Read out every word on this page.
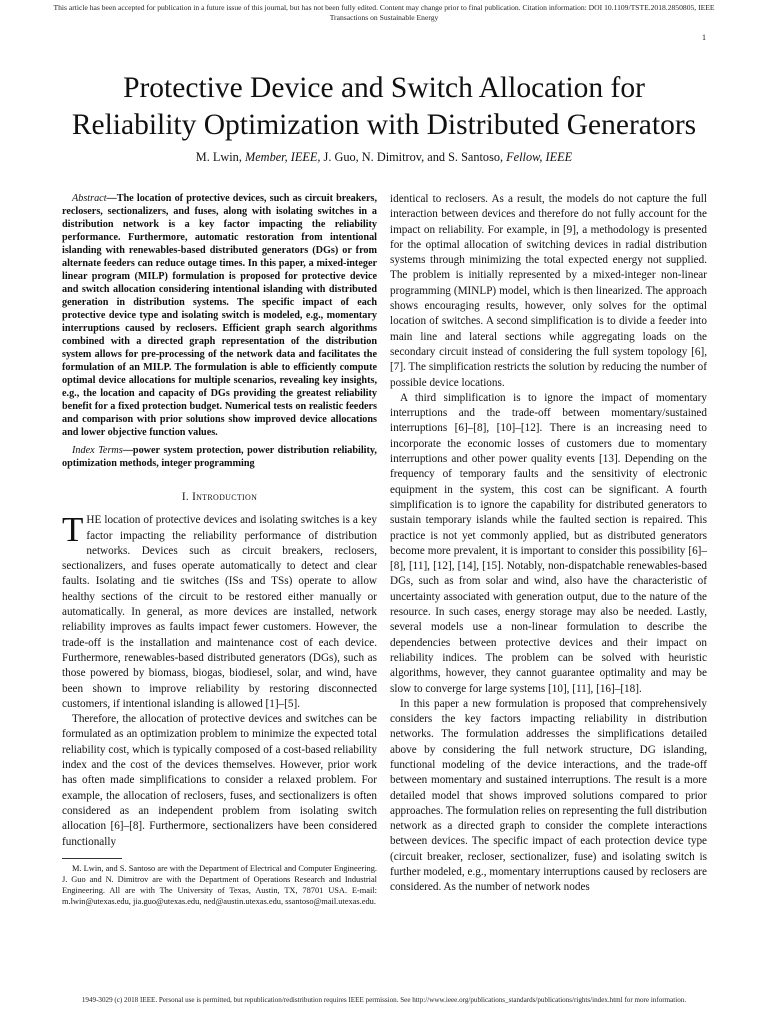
This article has been accepted for publication in a future issue of this journal, but has not been fully edited. Content may change prior to final publication. Citation information: DOI 10.1109/TSTE.2018.2850805, IEEE
Transactions on Sustainable Energy
1
Protective Device and Switch Allocation for
Reliability Optimization with Distributed Generators
M. Lwin, Member, IEEE, J. Guo, N. Dimitrov, and S. Santoso, Fellow, IEEE

Abstract—The location of protective devices, such as circuit breakers, reclosers, sectionalizers, and fuses, along with isolating switches in a distribution network is a key factor impacting the reliability performance. Furthermore, automatic restoration from intentional islanding with renewables-based distributed generators (DGs) or from alternate feeders can reduce outage times. In this paper, a mixed-integer linear program (MILP) formulation is proposed for protective device and switch allocation considering intentional islanding with distributed generation in distribution systems. The specific impact of each protective device type and isolating switch is modeled, e.g., momentary interruptions caused by reclosers. Efficient graph search algorithms combined with a directed graph representation of the distribution system allows for pre-processing of the network data and facilitates the formulation of an MILP. The formulation is able to efficiently compute optimal device allocations for multiple scenarios, revealing key insights, e.g., the location and capacity of DGs providing the greatest reliability benefit for a fixed protection budget. Numerical tests on realistic feeders and comparison with prior solutions show improved device allocations and lower objective function values.

Index Terms—power system protection, power distribution reliability, optimization methods, integer programming

I. Introduction

THE location of protective devices and isolating switches is a key factor impacting the reliability performance of distribution networks. Devices such as circuit breakers, reclosers, sectionalizers, and fuses operate automatically to detect and clear faults. Isolating and tie switches (ISs and TSs) operate to allow healthy sections of the circuit to be restored either manually or automatically. In general, as more devices are installed, network reliability improves as faults impact fewer customers. However, the trade-off is the installation and maintenance cost of each device. Furthermore, renewables-based distributed generators (DGs), such as those powered by biomass, biogas, biodiesel, solar, and wind, have been shown to improve reliability by restoring disconnected customers, if intentional islanding is allowed [1]–[5].

Therefore, the allocation of protective devices and switches can be formulated as an optimization problem to minimize the expected total reliability cost, which is typically composed of a cost-based reliability index and the cost of the devices themselves. However, prior work has often made simplifications to consider a relaxed problem. For example, the allocation of reclosers, fuses, and sectionalizers is often considered as an independent problem from isolating switch allocation [6]–[8]. Furthermore, sectionalizers have been considered functionally

M. Lwin, and S. Santoso are with the Department of Electrical and Computer Engineering. J. Guo and N. Dimitrov are with the Department of Operations Research and Industrial Engineering. All are with The University of Texas, Austin, TX, 78701 USA. E-mail: m.lwin@utexas.edu, jia.guo@utexas.edu, ned@austin.utexas.edu, ssantoso@mail.utexas.edu.

identical to reclosers. As a result, the models do not capture the full interaction between devices and therefore do not fully account for the impact on reliability. For example, in [9], a methodology is presented for the optimal allocation of switching devices in radial distribution systems through minimizing the total expected energy not supplied. The problem is initially represented by a mixed-integer non-linear programming (MINLP) model, which is then linearized. The approach shows encouraging results, however, only solves for the optimal location of switches. A second simplification is to divide a feeder into main line and lateral sections while aggregating loads on the secondary circuit instead of considering the full system topology [6], [7]. The simplification restricts the solution by reducing the number of possible device locations.

A third simplification is to ignore the impact of momentary interruptions and the trade-off between momentary/sustained interruptions [6]–[8], [10]–[12]. There is an increasing need to incorporate the economic losses of customers due to momentary interruptions and other power quality events [13]. Depending on the frequency of temporary faults and the sensitivity of electronic equipment in the system, this cost can be significant. A fourth simplification is to ignore the capability for distributed generators to sustain temporary islands while the faulted section is repaired. This practice is not yet commonly applied, but as distributed generators become more prevalent, it is important to consider this possibility [6]–[8], [11], [12], [14], [15]. Notably, non-dispatchable renewables-based DGs, such as from solar and wind, also have the characteristic of uncertainty associated with generation output, due to the nature of the resource. In such cases, energy storage may also be needed. Lastly, several models use a non-linear formulation to describe the dependencies between protective devices and their impact on reliability indices. The problem can be solved with heuristic algorithms, however, they cannot guarantee optimality and may be slow to converge for large systems [10], [11], [16]–[18].

In this paper a new formulation is proposed that comprehensively considers the key factors impacting reliability in distribution networks. The formulation addresses the simplifications detailed above by considering the full network structure, DG islanding, functional modeling of the device interactions, and the trade-off between momentary and sustained interruptions. The result is a more detailed model that shows improved solutions compared to prior approaches. The formulation relies on representing the full distribution network as a directed graph to consider the complete interactions between devices. The specific impact of each protection device type (circuit breaker, recloser, sectionalizer, fuse) and isolating switch is further modeled, e.g., momentary interruptions caused by reclosers are considered. As the number of network nodes

1949-3029 (c) 2018 IEEE. Personal use is permitted, but republication/redistribution requires IEEE permission. See http://www.ieee.org/publications_standards/publications/rights/index.html for more information.
